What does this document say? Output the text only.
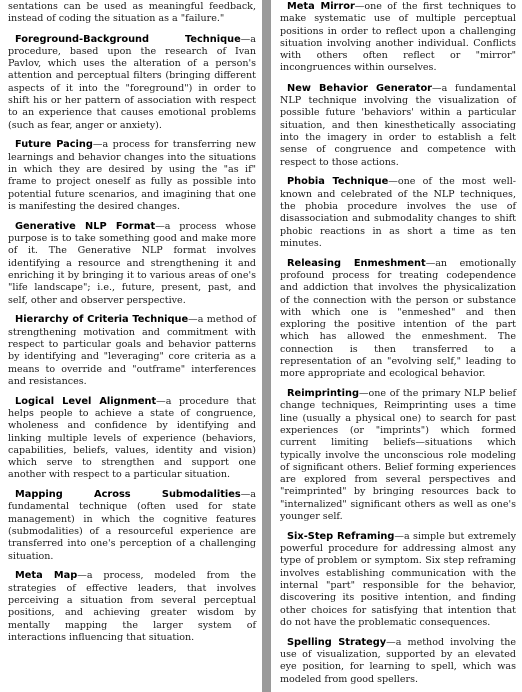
sentations can be used as meaningful feedback, instead of coding the situation as a "failure."
Foreground-Background Technique—a procedure, based upon the research of Ivan Pavlov, which uses the alteration of a person's attention and perceptual filters (bringing different aspects of it into the "foreground") in order to shift his or her pattern of association with respect to an experience that causes emotional problems (such as fear, anger or anxiety).
Future Pacing—a process for transferring new learnings and behavior changes into the situations in which they are desired by using the "as if" frame to project oneself as fully as possible into potential future scenarios, and imagining that one is manifesting the desired changes.
Generative NLP Format—a process whose purpose is to take something good and make more of it. The Generative NLP format involves identifying a resource and strengthening it and enriching it by bringing it to various areas of one's "life landscape"; i.e., future, present, past, and self, other and observer perspective.
Hierarchy of Criteria Technique—a method of strengthening motivation and commitment with respect to particular goals and behavior patterns by identifying and "leveraging" core criteria as a means to override and "outframe" interferences and resistances.
Logical Level Alignment—a procedure that helps people to achieve a state of congruence, wholeness and confidence by identifying and linking multiple levels of experience (behaviors, capabilities, beliefs, values, identity and vision) which serve to strengthen and support one another with respect to a particular situation.
Mapping Across Submodalities—a fundamental technique (often used for state management) in which the cognitive features (submodalities) of a resourceful experience are transferred into one's perception of a challenging situation.
Meta Map—a process, modeled from the strategies of effective leaders, that involves perceiving a situation from several perceptual positions, and achieving greater wisdom by mentally mapping the larger system of interactions influencing that situation.
Meta Mirror—one of the first techniques to make systematic use of multiple perceptual positions in order to reflect upon a challenging situation involving another individual. Conflicts with others often reflect or "mirror" incongruences within ourselves.
New Behavior Generator—a fundamental NLP technique involving the visualization of possible future 'behaviors' within a particular situation, and then kinesthetically associating into the imagery in order to establish a felt sense of congruence and competence with respect to those actions.
Phobia Technique—one of the most well-known and celebrated of the NLP techniques, the phobia procedure involves the use of disassociation and submodality changes to shift phobic reactions in as short a time as ten minutes.
Releasing Enmeshment—an emotionally profound process for treating codependence and addiction that involves the physicalization of the connection with the person or substance with which one is "enmeshed" and then exploring the positive intention of the part which has allowed the enmeshment. The connection is then transferred to a representation of an "evolving self," leading to more appropriate and ecological behavior.
Reimprinting—one of the primary NLP belief change techniques, Reimprinting uses a time line (usually a physical one) to search for past experiences (or "imprints") which formed current limiting beliefs—situations which typically involve the unconscious role modeling of significant others. Belief forming experiences are explored from several perspectives and "reimprinted" by bringing resources back to "internalized" significant others as well as one's younger self.
Six-Step Reframing—a simple but extremely powerful procedure for addressing almost any type of problem or symptom. Six step reframing involves establishing communication with the internal "part" responsible for the behavior, discovering its positive intention, and finding other choices for satisfying that intention that do not have the problematic consequences.
Spelling Strategy—a method involving the use of visualization, supported by an elevated eye position, for learning to spell, which was modeled from good spellers.
